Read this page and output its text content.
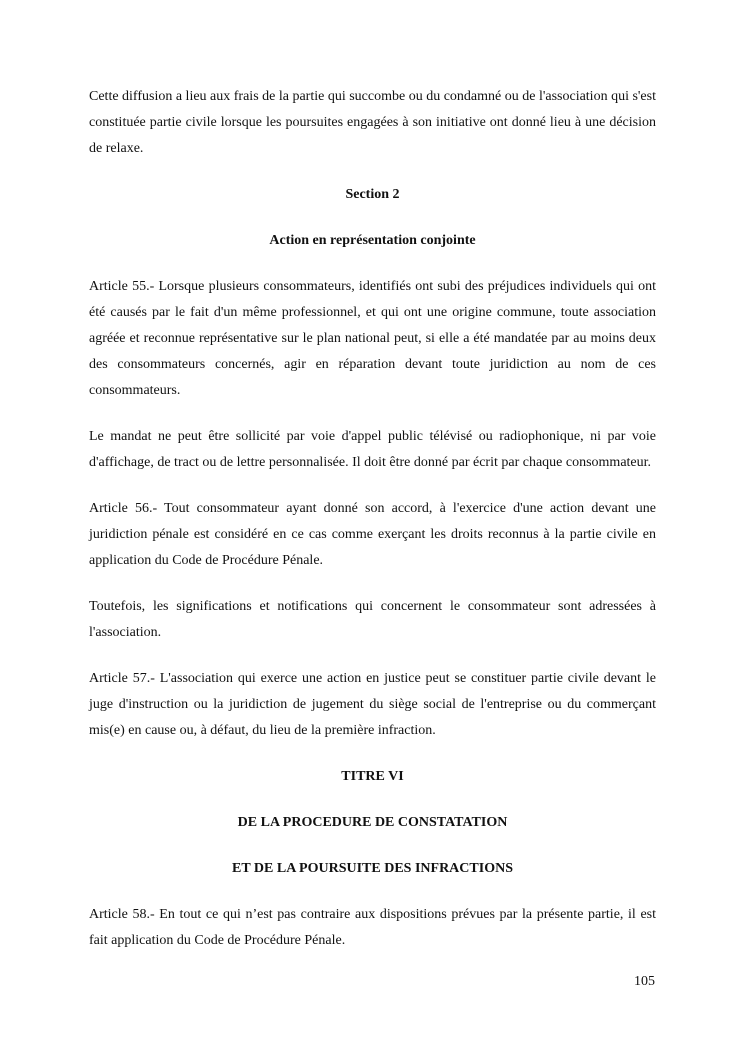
Cette diffusion a lieu aux frais de la partie qui succombe ou du condamné ou de l'association qui s'est constituée partie civile lorsque les poursuites engagées à son initiative ont donné lieu à une décision de relaxe.

Section 2

Action en représentation conjointe

Article 55.- Lorsque plusieurs consommateurs, identifiés ont subi des préjudices individuels qui ont été causés par le fait d'un même professionnel, et qui ont une origine commune, toute association agréée et reconnue représentative sur le plan national peut, si elle a été mandatée par au moins deux des consommateurs concernés, agir en réparation devant toute juridiction au nom de ces consommateurs.

Le mandat ne peut être sollicité par voie d'appel public télévisé ou radiophonique, ni par voie d'affichage, de tract ou de lettre personnalisée. Il doit être donné par écrit par chaque consommateur.

Article 56.- Tout consommateur ayant donné son accord, à l'exercice d'une action devant une juridiction pénale est considéré en ce cas comme exerçant les droits reconnus à la partie civile en application du Code de Procédure Pénale.

Toutefois, les significations et notifications qui concernent le consommateur sont adressées à l'association.

Article 57.- L'association qui exerce une action en justice peut se constituer partie civile devant le juge d'instruction ou la juridiction de jugement du siège social de l'entreprise ou du commerçant mis(e) en cause ou, à défaut, du lieu de la première infraction.

TITRE VI

DE LA PROCEDURE DE CONSTATATION

ET DE LA POURSUITE DES INFRACTIONS

Article 58.- En tout ce qui n’est pas contraire aux dispositions prévues par la présente partie, il est fait application du Code de Procédure Pénale.

105
